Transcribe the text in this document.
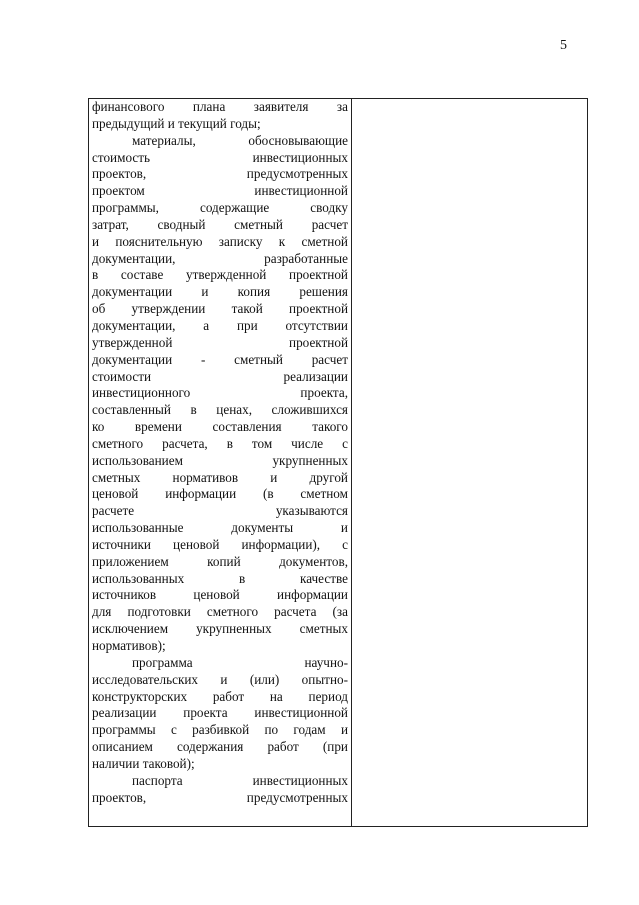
5

финансового плана заявителя за

предыдущий и текущий годы;

материалы, обосновывающие

стоимость инвестиционных

проектов, предусмотренных

проектом инвестиционной

программы, содержащие сводку

затрат, сводный сметный расчет

и пояснительную записку к сметной

документации, разработанные

в составе утвержденной проектной

документации и копия решения

об утверждении такой проектной

документации, а при отсутствии

утвержденной проектной

документации - сметный расчет

стоимости реализации

инвестиционного проекта,

составленный в ценах, сложившихся

ко времени составления такого

сметного расчета, в том числе с

использованием укрупненных

сметных нормативов и другой

ценовой информации (в сметном

расчете указываются

использованные документы и

источники ценовой информации), с

приложением копий документов,

использованных в качестве

источников ценовой информации

для подготовки сметного расчета (за

исключением укрупненных сметных

нормативов);

программа научно-

исследовательских и (или) опытно-

конструкторских работ на период

реализации проекта инвестиционной

программы с разбивкой по годам и

описанием содержания работ (при

наличии таковой);

паспорта инвестиционных

проектов, предусмотренных
